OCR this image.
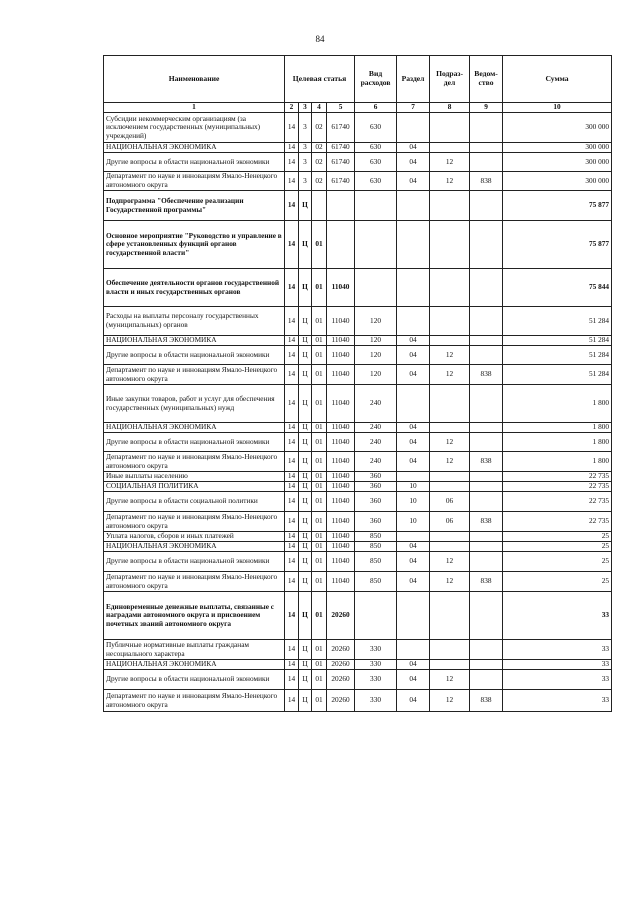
84
Наименование	Целевая статья				Вид расходов	Раздел	Подраз-дел	Ведом-ство	Сумма
1	2	3	4	5	6	7	8	9	10
Субсидии некоммерческим организациям (за исключением государственных (муниципальных) учреждений)	14	3	02	61740	630				300 000
НАЦИОНАЛЬНАЯ ЭКОНОМИКА	14	3	02	61740	630	04			300 000
Другие вопросы в области национальной экономики	14	3	02	61740	630	04	12		300 000
Департамент по науке и инновациям Ямало-Ненецкого автономного округа	14	3	02	61740	630	04	12	838	300 000
Подпрограмма "Обеспечение реализации Государственной программы"	14	Ц							75 877
Основное мероприятие "Руководство и управление в сфере установленных функций органов государственной власти"	14	Ц	01						75 877
Обеспечение деятельности органов государственной власти и иных государственных органов	14	Ц	01	11040					75 844
Расходы на выплаты персоналу государственных (муниципальных) органов	14	Ц	01	11040	120				51 284
НАЦИОНАЛЬНАЯ ЭКОНОМИКА	14	Ц	01	11040	120	04			51 284
Другие вопросы в области национальной экономики	14	Ц	01	11040	120	04	12		51 284
Департамент по науке и инновациям Ямало-Ненецкого автономного округа	14	Ц	01	11040	120	04	12	838	51 284
Иные закупки товаров, работ и услуг для обеспечения государственных (муниципальных) нужд	14	Ц	01	11040	240				1 800
НАЦИОНАЛЬНАЯ ЭКОНОМИКА	14	Ц	01	11040	240	04			1 800
Другие вопросы в области национальной экономики	14	Ц	01	11040	240	04	12		1 800
Департамент по науке и инновациям Ямало-Ненецкого автономного округа	14	Ц	01	11040	240	04	12	838	1 800
Иные выплаты населению	14	Ц	01	11040	360				22 735
СОЦИАЛЬНАЯ ПОЛИТИКА	14	Ц	01	11040	360	10			22 735
Другие вопросы в области социальной политики	14	Ц	01	11040	360	10	06		22 735
Департамент по науке и инновациям Ямало-Ненецкого автономного округа	14	Ц	01	11040	360	10	06	838	22 735
Уплата налогов, сборов и иных платежей	14	Ц	01	11040	850				25
НАЦИОНАЛЬНАЯ ЭКОНОМИКА	14	Ц	01	11040	850	04			25
Другие вопросы в области национальной экономики	14	Ц	01	11040	850	04	12		25
Департамент по науке и инновациям Ямало-Ненецкого автономного округа	14	Ц	01	11040	850	04	12	838	25
Единовременные денежные выплаты, связанные с наградами автономного округа и присвоением почетных званий автономного округа	14	Ц	01	20260					33
Публичные нормативные выплаты гражданам несоциального характера	14	Ц	01	20260	330				33
НАЦИОНАЛЬНАЯ ЭКОНОМИКА	14	Ц	01	20260	330	04			33
Другие вопросы в области национальной экономики	14	Ц	01	20260	330	04	12		33
Департамент по науке и инновациям Ямало-Ненецкого автономного округа	14	Ц	01	20260	330	04	12	838	33
